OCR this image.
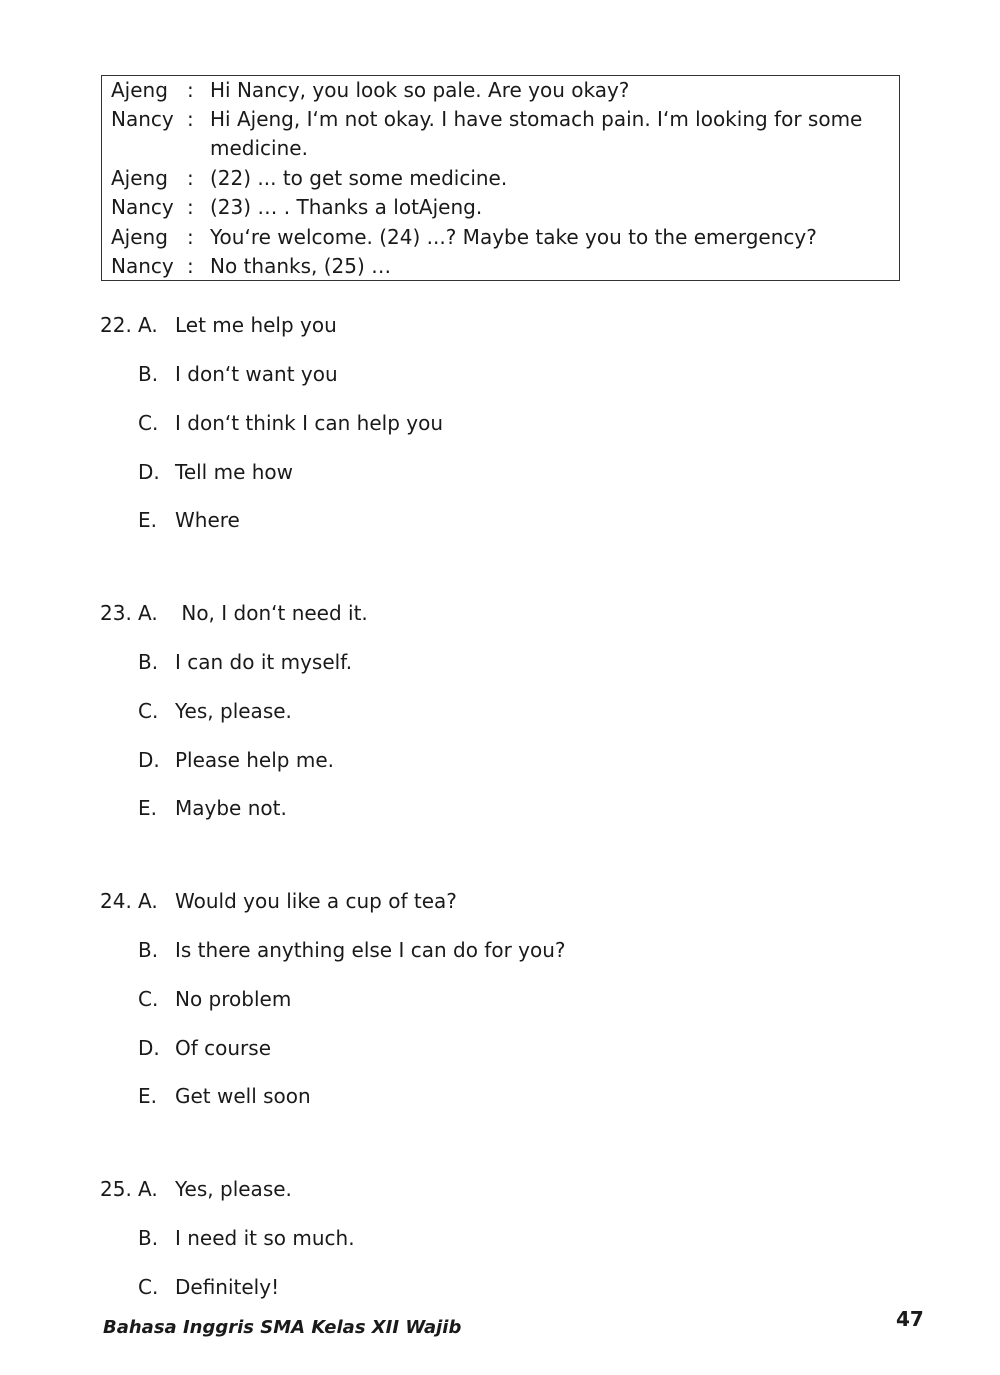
Ajeng : Hi Nancy, you look so pale. Are you okay?
Nancy : Hi Ajeng, I‘m not okay. I have stomach pain. I‘m looking for some
medicine.
Ajeng : (22) ... to get some medicine.
Nancy : (23) … . Thanks a lotAjeng.
Ajeng : You‘re welcome. (24) ...? Maybe take you to the emergency?
Nancy : No thanks, (25) …
22. A. Let me help you
B. I don‘t want you
C. I don‘t think I can help you
D. Tell me how
E. Where
23. A. No, I don‘t need it.
B. I can do it myself.
C. Yes, please.
D. Please help me.
E. Maybe not.
24. A. Would you like a cup of tea?
B. Is there anything else I can do for you?
C. No problem
D. Of course
E. Get well soon
25. A. Yes, please.
B. I need it so much.
C. Definitely!
Bahasa Inggris SMA Kelas XII Wajib	47
